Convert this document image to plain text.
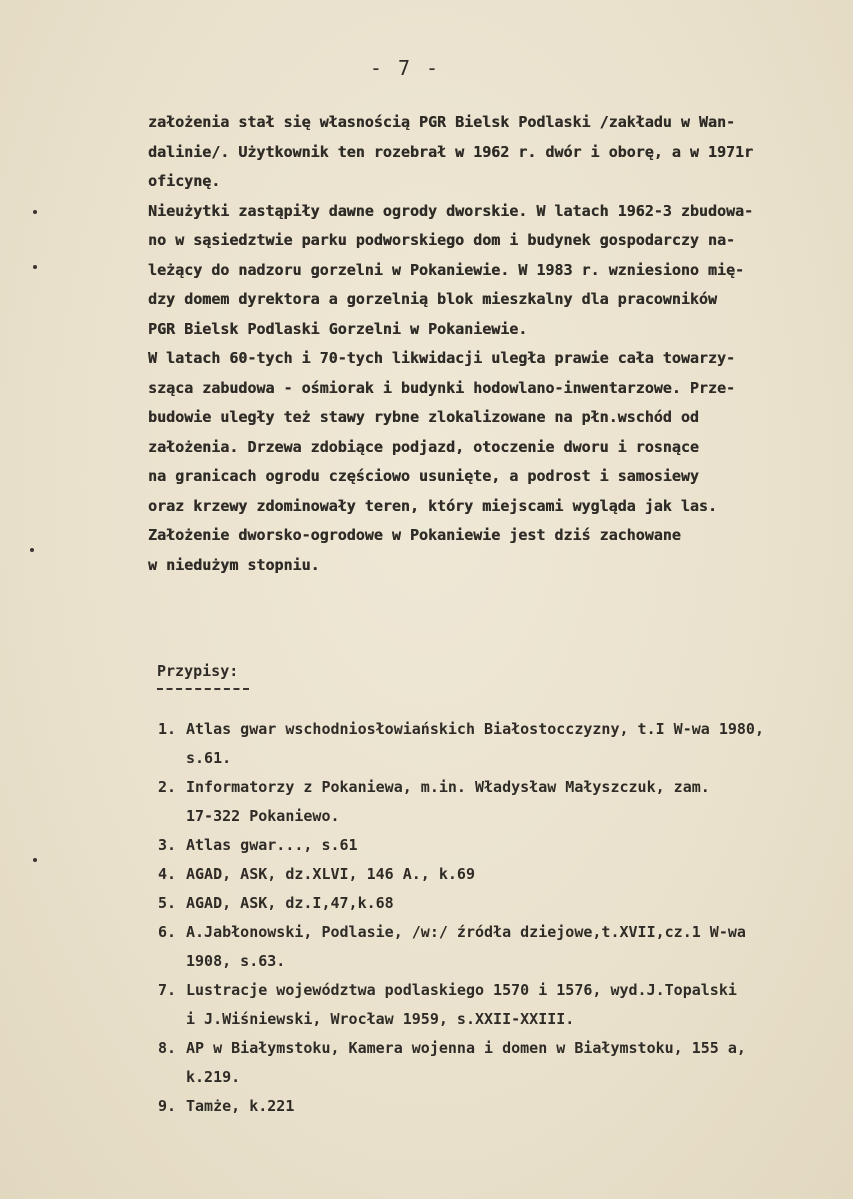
- 7 -
założenia stał się własnością PGR Bielsk Podlaski /zakładu w Wan-
dalinie/. Użytkownik ten rozebrał w 1962 r. dwór i oborę, a w 1971r
oficynę.
Nieużytki zastąpiły dawne ogrody dworskie. W latach 1962-3 zbudowa-
no w sąsiedztwie parku podworskiego dom i budynek gospodarczy na-
leżący do nadzoru gorzelni w Pokaniewie. W 1983 r. wzniesiono mię-
dzy domem dyrektora a gorzelnią blok mieszkalny dla pracowników
PGR Bielsk Podlaski Gorzelni w Pokaniewie.
W latach 60-tych i 70-tych likwidacji uległa prawie cała towarzy-
sząca zabudowa - ośmiorak i budynki hodowlano-inwentarzowe. Prze-
budowie uległy też stawy rybne zlokalizowane na płn.wschód od
założenia. Drzewa zdobiące podjazd, otoczenie dworu i rosnące
na granicach ogrodu częściowo usunięte, a podrost i samosiewy
oraz krzewy zdominowały teren, który miejscami wygląda jak las.
Założenie dworsko-ogrodowe w Pokaniewie jest dziś zachowane
w niedużym stopniu.
Przypisy:
1. Atlas gwar wschodniosłowiańskich Białostocczyzny, t.I W-wa 1980,
s.61.
2. Informatorzy z Pokaniewa, m.in. Władysław Małyszczuk, zam.
17-322 Pokaniewo.
3. Atlas gwar..., s.61
4. AGAD, ASK, dz.XLVI, 146 A., k.69
5. AGAD, ASK, dz.I,47,k.68
6. A.Jabłonowski, Podlasie, /w:/ źródła dziejowe,t.XVII,cz.1 W-wa
1908, s.63.
7. Lustracje województwa podlaskiego 1570 i 1576, wyd.J.Topalski
i J.Wiśniewski, Wrocław 1959, s.XXII-XXIII.
8. AP w Białymstoku, Kamera wojenna i domen w Białymstoku, 155 a,
k.219.
9. Tamże, k.221
